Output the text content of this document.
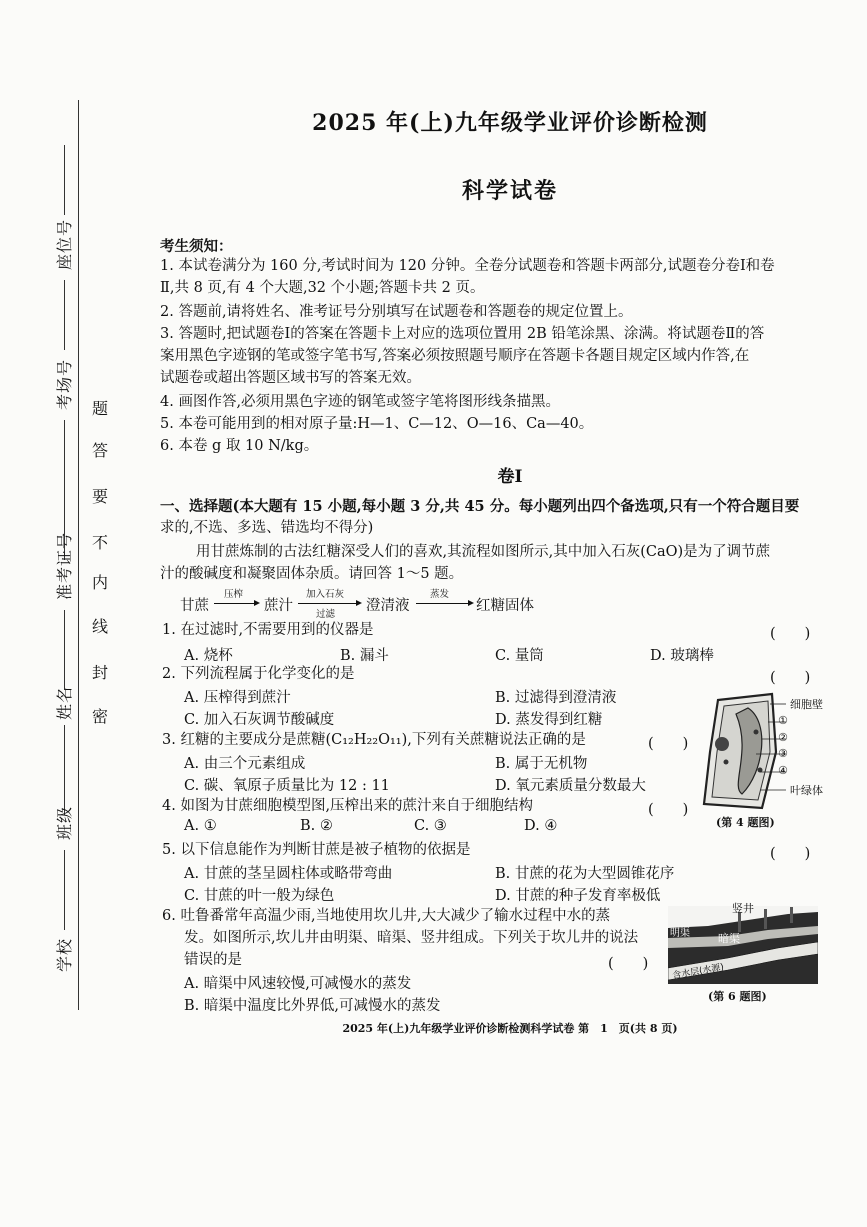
座位号
考场号
准考证号
姓名
班级
学校
题
答
要
不
内
线
封
密
2025 年(上)九年级学业评价诊断检测
科学试卷
考生须知：
1. 本试卷满分为 160 分,考试时间为 120 分钟。全卷分试题卷和答题卡两部分,试题卷分卷Ⅰ和卷
Ⅱ,共 8 页,有 4 个大题,32 个小题;答题卡共 2 页。
2. 答题前,请将姓名、准考证号分别填写在试题卷和答题卷的规定位置上。
3. 答题时,把试题卷Ⅰ的答案在答题卡上对应的选项位置用 2B 铅笔涂黑、涂满。将试题卷Ⅱ的答
案用黑色字迹钢的笔或签字笔书写,答案必须按照题号顺序在答题卡各题目规定区域内作答,在
试题卷或超出答题区域书写的答案无效。
4. 画图作答,必须用黑色字迹的钢笔或签字笔将图形线条描黑。
5. 本卷可能用到的相对原子量:H—1、C—12、O—16、Ca—40。
6. 本卷 g 取 10 N/kg。
卷Ⅰ
一、选择题(本大题有 15 小题,每小题 3 分,共 45 分。每小题列出四个备选项,只有一个符合题目要
求的,不选、多选、错选均不得分)
用甘蔗炼制的古法红糖深受人们的喜欢,其流程如图所示,其中加入石灰(CaO)是为了调节蔗
汁的酸碱度和凝聚固体杂质。请回答 1～5 题。
甘蔗
压榨
蔗汁
加入石灰
过滤
澄清液
蒸发
红糖固体
1. 在过滤时,不需要用到的仪器是	(　　)
A. 烧杯	B. 漏斗	C. 量筒	D. 玻璃棒
2. 下列流程属于化学变化的是	(　　)
A. 压榨得到蔗汁	B. 过滤得到澄清液
C. 加入石灰调节酸碱度	D. 蒸发得到红糖
3. 红糖的主要成分是蔗糖(C₁₂H₂₂O₁₁),下列有关蔗糖说法正确的是	(　　)
A. 由三个元素组成	B. 属于无机物
C. 碳、氧原子质量比为 12 : 11	D. 氧元素质量分数最大
4. 如图为甘蔗细胞模型图,压榨出来的蔗汁来自于细胞结构	(　　)
A. ①	B. ②	C. ③	D. ④
5. 以下信息能作为判断甘蔗是被子植物的依据是	(　　)
A. 甘蔗的茎呈圆柱体或略带弯曲	B. 甘蔗的花为大型圆锥花序
C. 甘蔗的叶一般为绿色	D. 甘蔗的种子发育率极低
6. 吐鲁番常年高温少雨,当地使用坎儿井,大大减少了输水过程中水的蒸
发。如图所示,坎儿井由明渠、暗渠、竖井组成。下列关于坎儿井的说法
错误的是	(　　)
A. 暗渠中风速较慢,可减慢水的蒸发
B. 暗渠中温度比外界低,可减慢水的蒸发
细胞壁
①
②
③
④
叶绿体
(第 4 题图)
竖井
明渠	暗渠
含水层(水源)
(第 6 题图)
2025 年(上)九年级学业评价诊断检测科学试卷 第　1　页(共 8 页)
